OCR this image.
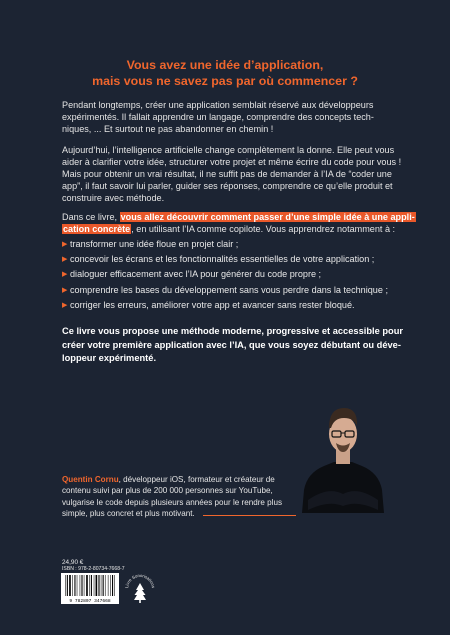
Vous avez une idée d’application,
mais vous ne savez pas par où commencer ?
Pendant longtemps, créer une application semblait réservé aux développeurs
expérimentés. Il fallait apprendre un langage, comprendre des concepts tech-
niques, ... Et surtout ne pas abandonner en chemin !
Aujourd’hui, l’intelligence artificielle change complètement la donne. Elle peut vous
aider à clarifier votre idée, structurer votre projet et même écrire du code pour vous !
Mais pour obtenir un vrai résultat, il ne suffit pas de demander à l’IA de “coder une
app”, il faut savoir lui parler, guider ses réponses, comprendre ce qu’elle produit et
construire avec méthode.
Dans ce livre, vous allez découvrir comment passer d’une simple idée à une appli-
cation concrète, en utilisant l’IA comme copilote. Vous apprendrez notamment à :
▶ transformer une idée floue en projet clair ;
▶ concevoir les écrans et les fonctionnalités essentielles de votre application ;
▶ dialoguer efficacement avec l’IA pour générer du code propre ;
▶ comprendre les bases du développement sans vous perdre dans la technique ;
▶ corriger les erreurs, améliorer votre app et avancer sans rester bloqué.
Ce livre vous propose une méthode moderne, progressive et accessible pour
créer votre première application avec l’IA, que vous soyez débutant ou déve-
loppeur expérimenté.
Quentin Cornu, développeur iOS, formateur et créateur de
contenu suivi par plus de 200 000 personnes sur YouTube,
vulgarise le code depuis plusieurs années pour le rendre plus
simple, plus concret et plus motivant.
24,90 €
ISBN : 978-2-80734-7668-7
9 782807 347668
Livre Sonorisations
